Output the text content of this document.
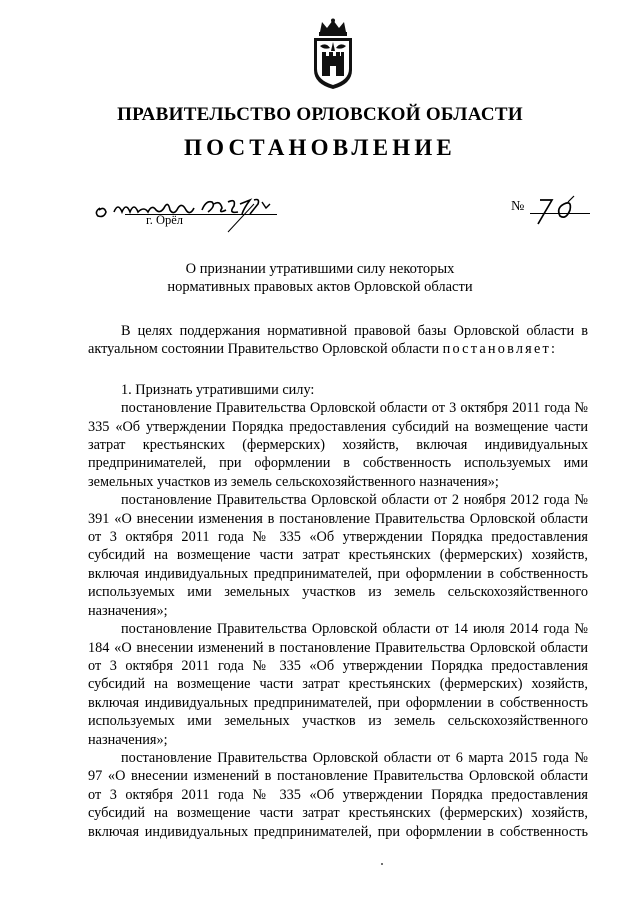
ПРАВИТЕЛЬСТВО ОРЛОВСКОЙ ОБЛАСТИ
ПОСТАНОВЛЕНИЕ
г. Орёл
№
О признании утратившими силу некоторых
нормативных правовых актов Орловской области

В целях поддержания нормативной правовой базы Орловской области в актуальном состоянии Правительство Орловской области постановляет:

1. Признать утратившими силу:

постановление Правительства Орловской области от 3 октября 2011 года № 335 «Об утверждении Порядка предоставления субсидий на возмещение части затрат крестьянских (фермерских) хозяйств, включая индивидуальных предпринимателей, при оформлении в собственность используемых ими земельных участков из земель сельскохозяйственного назначения»;

постановление Правительства Орловской области от 2 ноября 2012 года № 391 «О внесении изменения в постановление Правительства Орловской области от 3 октября 2011 года № 335 «Об утверждении Порядка предоставления субсидий на возмещение части затрат крестьянских (фермерских) хозяйств, включая индивидуальных предпринимателей, при оформлении в собственность используемых ими земельных участков из земель сельскохозяйственного назначения»;

постановление Правительства Орловской области от 14 июля 2014 года № 184 «О внесении изменений в постановление Правительства Орловской области от 3 октября 2011 года № 335 «Об утверждении Порядка предоставления субсидий на возмещение части затрат крестьянских (фермерских) хозяйств, включая индивидуальных предпринимателей, при оформлении в собственность используемых ими земельных участков из земель сельскохозяйственного назначения»;

постановление Правительства Орловской области от 6 марта 2015 года № 97 «О внесении изменений в постановление Правительства Орловской области от 3 октября 2011 года № 335 «Об утверждении Порядка предоставления субсидий на возмещение части затрат крестьянских (фермерских) хозяйств, включая индивидуальных предпринимателей, при оформлении в собственность
